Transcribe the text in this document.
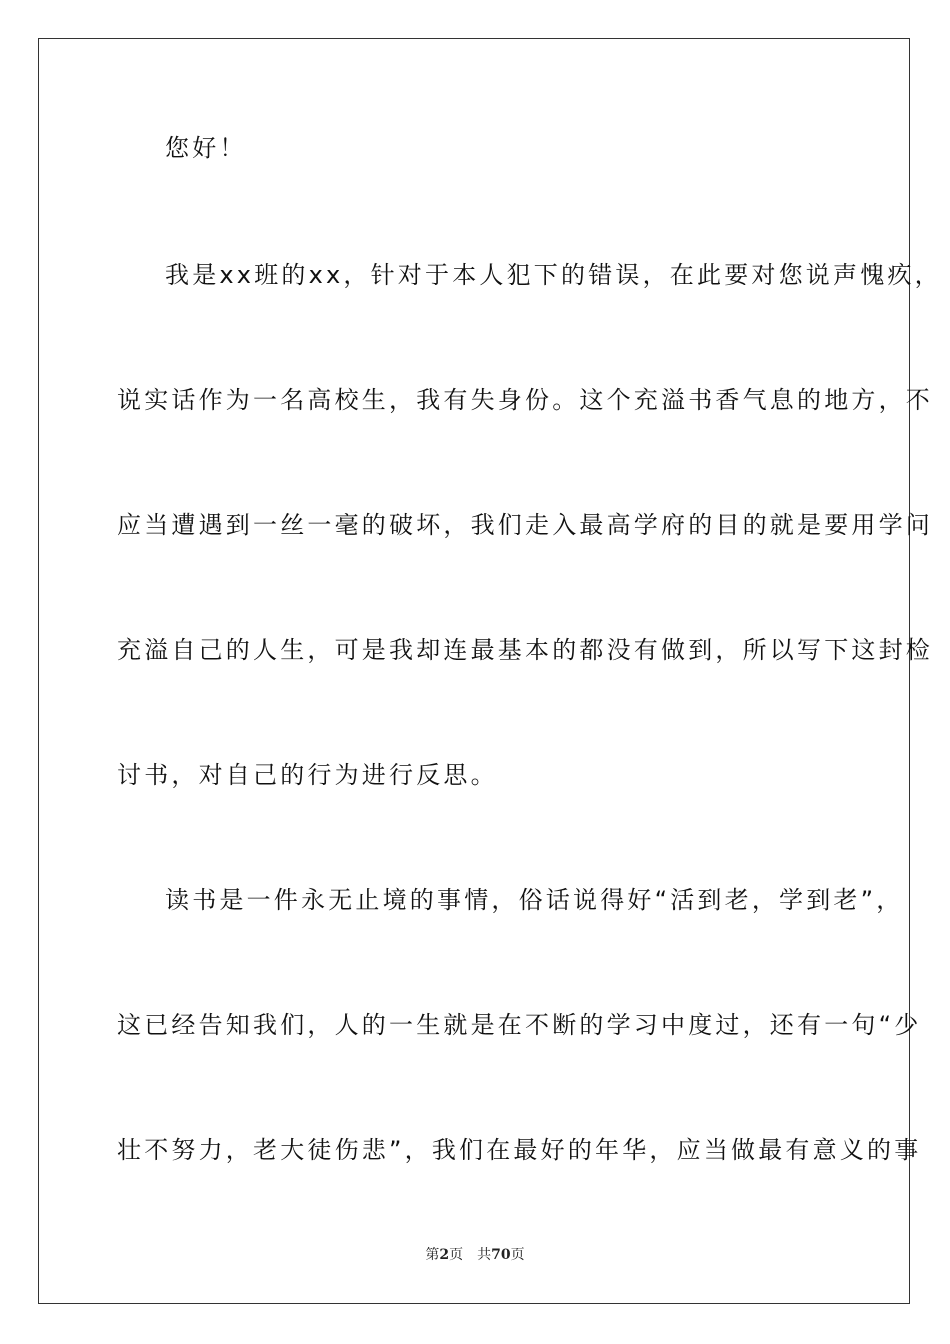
您好！

我是xx班的xx，针对于本人犯下的错误，在此要对您说声愧疚，

说实话作为一名高校生，我有失身份。这个充溢书香气息的地方，不

应当遭遇到一丝一毫的破坏，我们走入最高学府的目的就是要用学问

充溢自己的人生，可是我却连最基本的都没有做到，所以写下这封检

讨书，对自己的行为进行反思。

读书是一件永无止境的事情，俗话说得好“活到老，学到老”，

这已经告知我们，人的一生就是在不断的学习中度过，还有一句“少

壮不努力，老大徒伤悲”，我们在最好的年华，应当做最有意义的事

第2页 共70页
